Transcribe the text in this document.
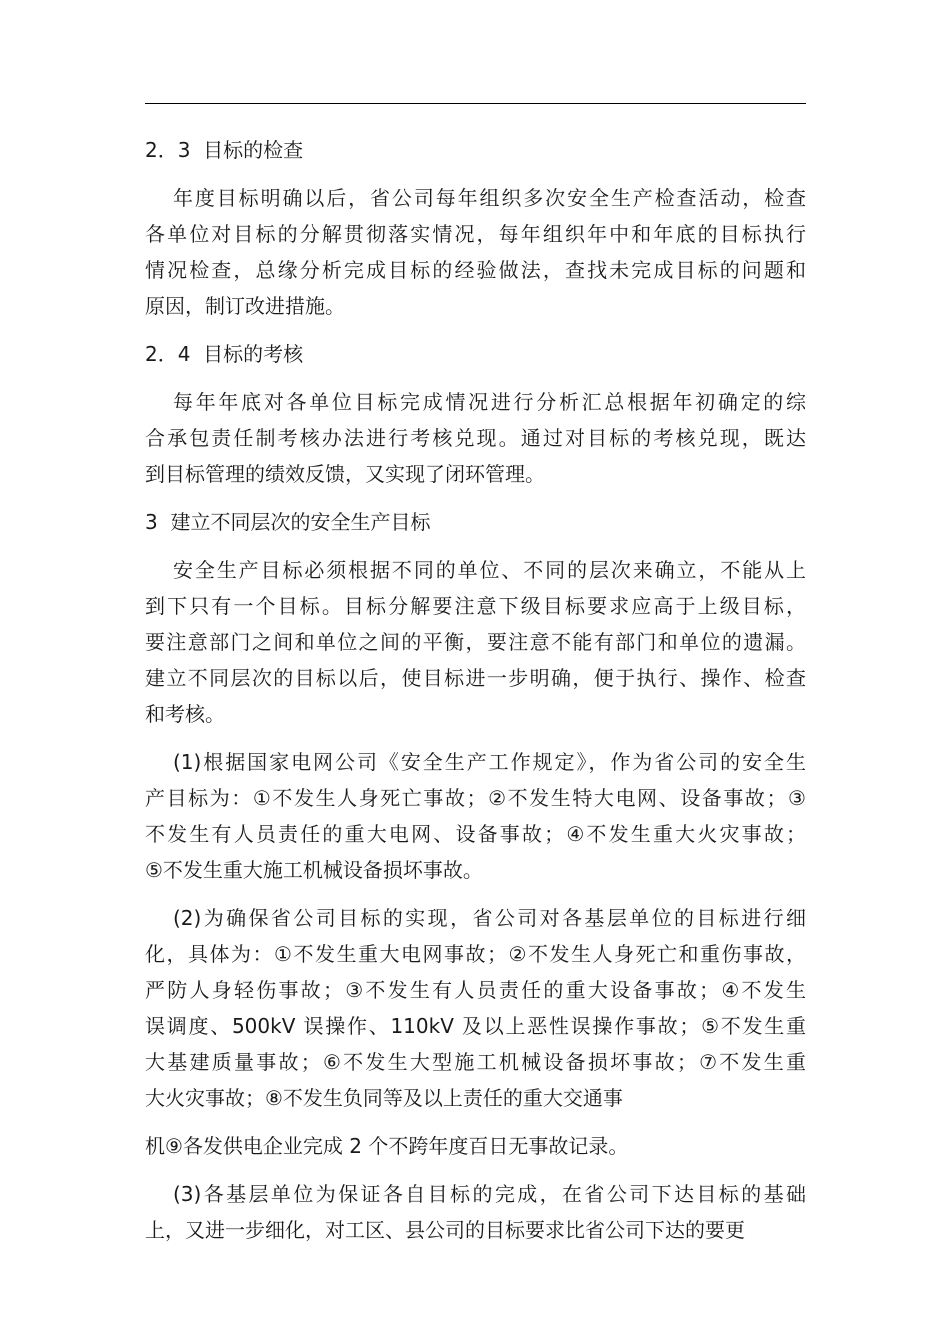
2．3  目标的检查
年度目标明确以后，省公司每年组织多次安全生产检查活动，检查
各单位对目标的分解贯彻落实情况，每年组织年中和年底的目标执行
情况检查，总缘分析完成目标的经验做法，查找未完成目标的问题和
原因，制订改进措施。
2．4  目标的考核
每年年底对各单位目标完成情况进行分析汇总根据年初确定的综
合承包责任制考核办法进行考核兑现。通过对目标的考核兑现，既达
到目标管理的绩效反馈，又实现了闭环管理。
3  建立不同层次的安全生产目标
安全生产目标必须根据不同的单位、不同的层次来确立，不能从上
到下只有一个目标。目标分解要注意下级目标要求应高于上级目标，
要注意部门之间和单位之间的平衡，要注意不能有部门和单位的遗漏。
建立不同层次的目标以后，使目标进一步明确，便于执行、操作、检查
和考核。
(1)根据国家电网公司《安全生产工作规定》，作为省公司的安全生
产目标为：①不发生人身死亡事故；②不发生特大电网、设备事故；③
不发生有人员责任的重大电网、设备事故；④不发生重大火灾事故；
⑤不发生重大施工机械设备损坏事故。
(2)为确保省公司目标的实现，省公司对各基层单位的目标进行细
化，具体为：①不发生重大电网事故；②不发生人身死亡和重伤事故，
严防人身轻伤事故；③不发生有人员责任的重大设备事故；④不发生
误调度、500kV 误操作、110kV 及以上恶性误操作事故；⑤不发生重
大基建质量事故；⑥不发生大型施工机械设备损坏事故；⑦不发生重
大火灾事故；⑧不发生负同等及以上责任的重大交通事
机⑨各发供电企业完成 2 个不跨年度百日无事故记录。
(3)各基层单位为保证各自目标的完成，在省公司下达目标的基础
上，又进一步细化，对工区、县公司的目标要求比省公司下达的要更
